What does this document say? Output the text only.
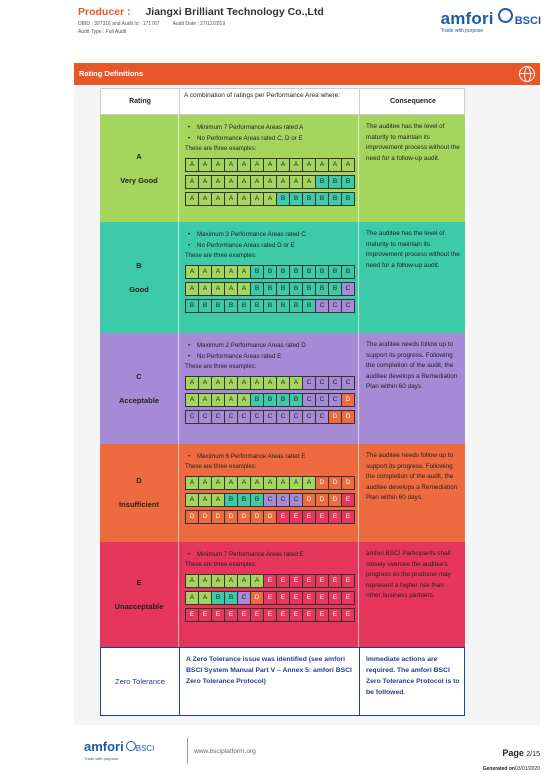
Producer : Jiangxi Brilliant Technology Co.,Ltd
DBID : 397316 and Audit Id : 171767	Audit Date : 27/12/2019
Audit Type : Full Audit
amfori BSCI
Trade with purpose
Rating Definitions
Rating
A combination of ratings per Performance Area where:
Consequence
A
Very Good
• Minimum 7 Performance Areas rated A
• No Performance Areas rated C, D or E
These are three examples:
A	A	A	A	A	A	A	A	A	A	A	A	A
A	A	A	A	A	A	A	A	A	A	B	B	B
A	A	A	A	A	A	A	B	B	B	B	B	B
The auditee has the level of maturity to maintain its improvement process without the need for a follow-up audit.
B
Good
• Maximum 3 Performance Areas rated C
• No Performance Areas rated D or E
These are three examples:
A	A	A	A	A	B	B	B	B	B	B	B	B
A	A	A	A	A	B	B	B	B	B	B	B	C
B	B	B	B	B	B	B	B	B	B	C	C	C
The auditee has the level of maturity to maintain its improvement process without the need for a follow-up audit.
C
Acceptable
• Maximum 2 Performance Areas rated D
• No Performance Areas rated E
These are three examples:
A	A	A	A	A	A	A	A	A	C	C	C	C
A	A	A	A	A	B	B	B	B	C	C	C	D
C	C	C	C	C	C	C	C	C	C	C	D	D
The auditee needs follow up to support its progress. Following the completion of the audit, the auditee develops a Remediation Plan within 60 days.
D
Insufficient
• Maximum 6 Performance Areas rated E
These are three examples:
A	A	A	A	A	A	A	A	A	A	D	D	D
A	A	A	B	B	B	C	C	C	D	D	D	E
D	D	D	D	D	D	D	E	E	E	E	E	E
The auditee needs follow up to support its progress. Following the completion of the audit, the auditee develops a Remediation Plan within 60 days.
E
Unacceptable
• Minimum 7 Performance Areas rated E
These are three examples:
A	A	A	A	A	A	E	E	E	E	E	E	E
A	A	B	B	C	D	E	E	E	E	E	E	E
E	E	E	E	E	E	E	E	E	E	E	E	E
amfori BSCI Participants shall closely oversee the auditee's progress as the producer may represent a higher risk than other business partners.
Zero Tolerance
A Zero Tolerance issue was identified (see amfori BSCI System Manual Part V – Annex 5: amfori BSCI Zero Tolerance Protocol)
Immediate actions are required. The amfori BSCI Zero Tolerance Protocol is to be followed.
amfori BSCI
Trade with purpose
www.bsciplatform.org	Page 2/15
Generated on03/01/2020
